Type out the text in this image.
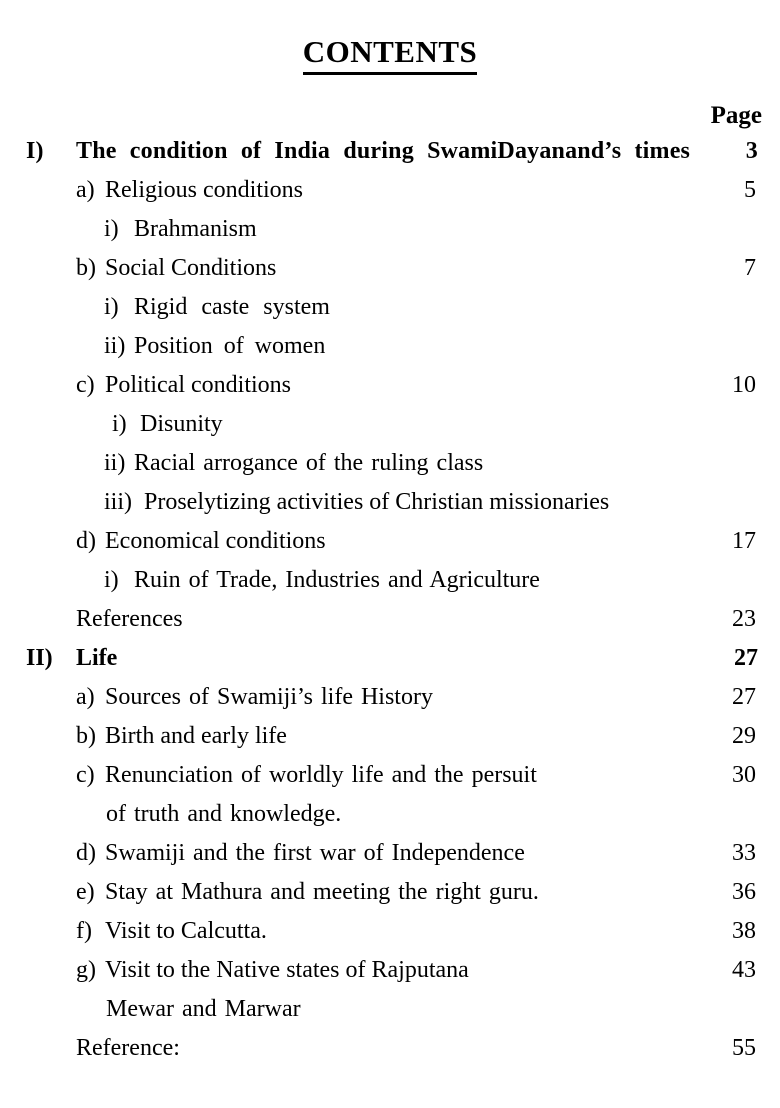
CONTENTS
Page
I) The condition of India during SwamiDayanand’s times	3
a) Religious conditions	5
i) Brahmanism
b) Social Conditions	7
i) Rigid caste system
ii) Position of women
c) Political conditions	10
i) Disunity
ii) Racial arrogance of the ruling class
iii) Proselytizing activities of Christian missionaries
d) Economical conditions	17
i) Ruin of Trade, Industries and Agriculture
References	23
II) Life	27
a) Sources of Swamiji’s life History	27
b) Birth and early life	29
c) Renunciation of worldly life and the persuit	30
of truth and knowledge.
d) Swamiji and the first war of Independence	33
e) Stay at Mathura and meeting the right guru.	36
f) Visit to Calcutta.	38
g) Visit to the Native states of Rajputana	43
Mewar and Marwar
Reference:	55
